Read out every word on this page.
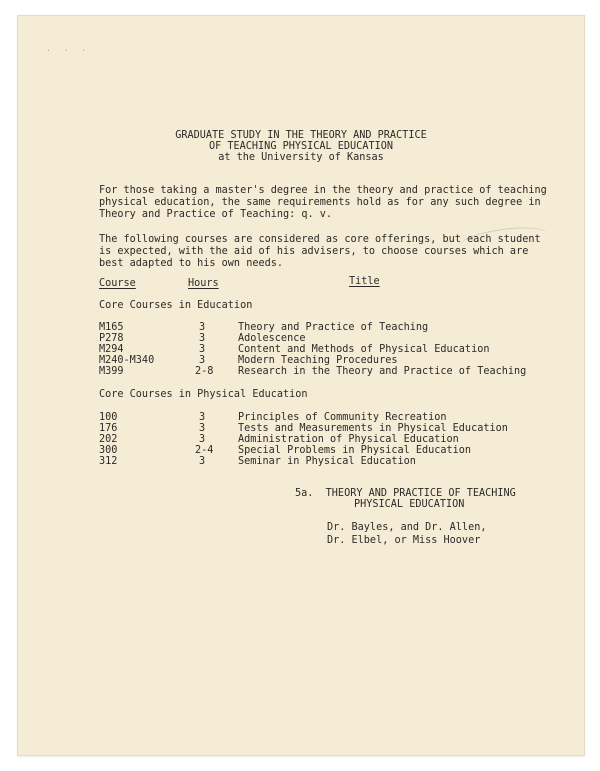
· · ·
GRADUATE STUDY IN THE THEORY AND PRACTICE
OF TEACHING PHYSICAL EDUCATION
at the University of Kansas
For those taking a master's degree in the theory and practice of teaching
physical education, the same requirements hold as for any such degree in
Theory and Practice of Teaching: q. v.
The following courses are considered as core offerings, but each student
is expected, with the aid of his advisers, to choose courses which are
best adapted to his own needs.
Course	Hours	Title
Core Courses in Education
M165	3	Theory and Practice of Teaching
P278	3	Adolescence
M294	3	Content and Methods of Physical Education
M240-M340	3	Modern Teaching Procedures
M399	2-8 Research in the Theory and Practice of Teaching
Core Courses in Physical Education
100	3	Principles of Community Recreation
176	3	Tests and Measurements in Physical Education
202	3	Administration of Physical Education
300	2-4 Special Problems in Physical Education
312	3	Seminar in Physical Education
5a.  THEORY AND PRACTICE OF TEACHING
PHYSICAL EDUCATION
Dr. Bayles, and Dr. Allen,
Dr. Elbel, or Miss Hoover
